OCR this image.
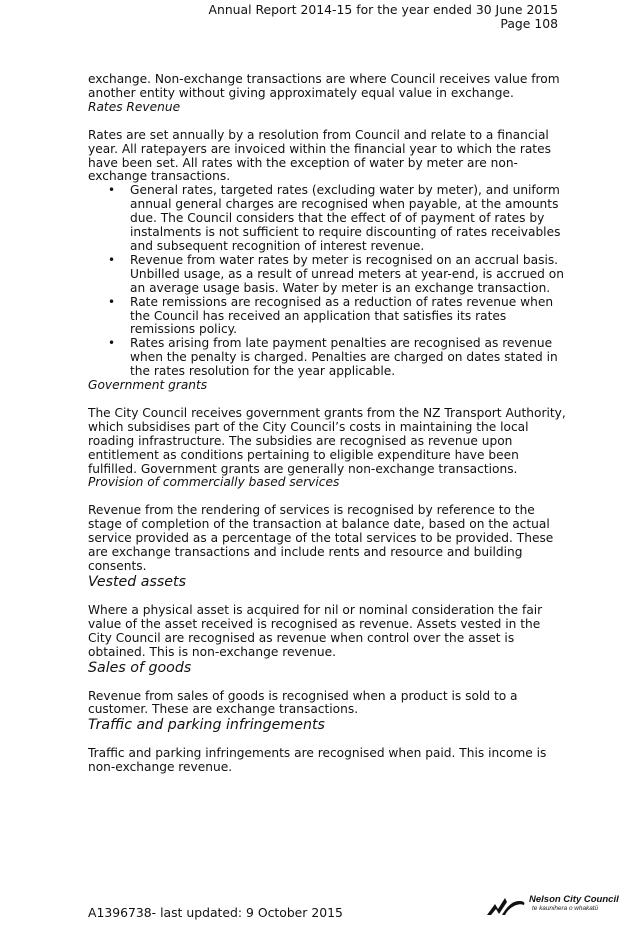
Annual Report 2014-15 for the year ended 30 June 2015
Page 108

exchange. Non-exchange transactions are where Council receives value from another entity without giving approximately equal value in exchange.

Rates Revenue

Rates are set annually by a resolution from Council and relate to a financial year. All ratepayers are invoiced within the financial year to which the rates have been set. All rates with the exception of water by meter are non-exchange transactions.

• General rates, targeted rates (excluding water by meter), and uniform annual general charges are recognised when payable, at the amounts due. The Council considers that the effect of of payment of rates by instalments is not sufficient to require discounting of rates receivables and subsequent recognition of interest revenue.
• Revenue from water rates by meter is recognised on an accrual basis. Unbilled usage, as a result of unread meters at year-end, is accrued on an average usage basis. Water by meter is an exchange transaction.
• Rate remissions are recognised as a reduction of rates revenue when the Council has received an application that satisfies its rates remissions policy.
• Rates arising from late payment penalties are recognised as revenue when the penalty is charged. Penalties are charged on dates stated in the rates resolution for the year applicable.

Government grants

The City Council receives government grants from the NZ Transport Authority, which subsidises part of the City Council’s costs in maintaining the local roading infrastructure. The subsidies are recognised as revenue upon entitlement as conditions pertaining to eligible expenditure have been fulfilled. Government grants are generally non-exchange transactions.

Provision of commercially based services

Revenue from the rendering of services is recognised by reference to the stage of completion of the transaction at balance date, based on the actual service provided as a percentage of the total services to be provided. These are exchange transactions and include rents and resource and building consents.

Vested assets

Where a physical asset is acquired for nil or nominal consideration the fair value of the asset received is recognised as revenue. Assets vested in the City Council are recognised as revenue when control over the asset is obtained. This is non-exchange revenue.

Sales of goods

Revenue from sales of goods is recognised when a product is sold to a customer. These are exchange transactions.

Traffic and parking infringements

Traffic and parking infringements are recognised when paid. This income is non-exchange revenue.

A1396738- last updated: 9 October 2015
Nelson City Council
te kaunihera o whakatū
